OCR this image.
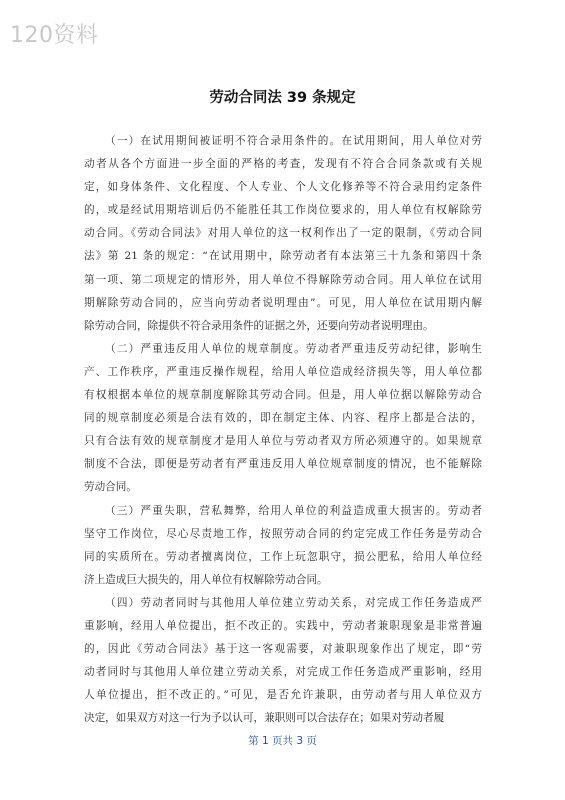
120资料
劳动合同法 39 条规定
（一）在试用期间被证明不符合录用条件的。在试用期间，用人单位对劳
动者从各个方面进一步全面的严格的考查，发现有不符合合同条款或有关规
定，如身体条件、文化程度、个人专业、个人文化修养等不符合录用约定条件
的，或是经试用期培训后仍不能胜任其工作岗位要求的，用人单位有权解除劳
动合同。《劳动合同法》对用人单位的这一权利作出了一定的限制，《劳动合同
法》第 21 条的规定：“在试用期中，除劳动者有本法第三十九条和第四十条
第一项、第二项规定的情形外，用人单位不得解除劳动合同。用人单位在试用
期解除劳动合同的，应当向劳动者说明理由”。可见，用人单位在试用期内解
除劳动合同，除提供不符合录用条件的证据之外，还要向劳动者说明理由。
（二）严重违反用人单位的规章制度。劳动者严重违反劳动纪律，影响生
产、工作秩序，严重违反操作规程，给用人单位造成经济损失等，用人单位都
有权根据本单位的规章制度解除其劳动合同。但是，用人单位据以解除劳动合
同的规章制度必须是合法有效的，即在制定主体、内容、程序上都是合法的，
只有合法有效的规章制度才是用人单位与劳动者双方所必须遵守的。如果规章
制度不合法，即便是劳动者有严重违反用人单位规章制度的情况，也不能解除
劳动合同。
（三）严重失职，营私舞弊，给用人单位的利益造成重大损害的。劳动者
坚守工作岗位，尽心尽责地工作，按照劳动合同的约定完成工作任务是劳动合
同的实质所在。劳动者擅离岗位，工作上玩忽职守，损公肥私，给用人单位经
济上造成巨大损失的，用人单位有权解除劳动合同。
（四）劳动者同时与其他用人单位建立劳动关系，对完成工作任务造成严
重影响，经用人单位提出，拒不改正的。实践中，劳动者兼职现象是非常普遍
的，因此《劳动合同法》基于这一客观需要，对兼职现象作出了规定，即“劳
动者同时与其他用人单位建立劳动关系，对完成工作任务造成严重影响，经用
人单位提出，拒不改正的。”可见，是否允许兼职，由劳动者与用人单位双方
决定，如果双方对这一行为予以认可，兼职则可以合法存在；如果对劳动者履
第 1 页共 3 页
